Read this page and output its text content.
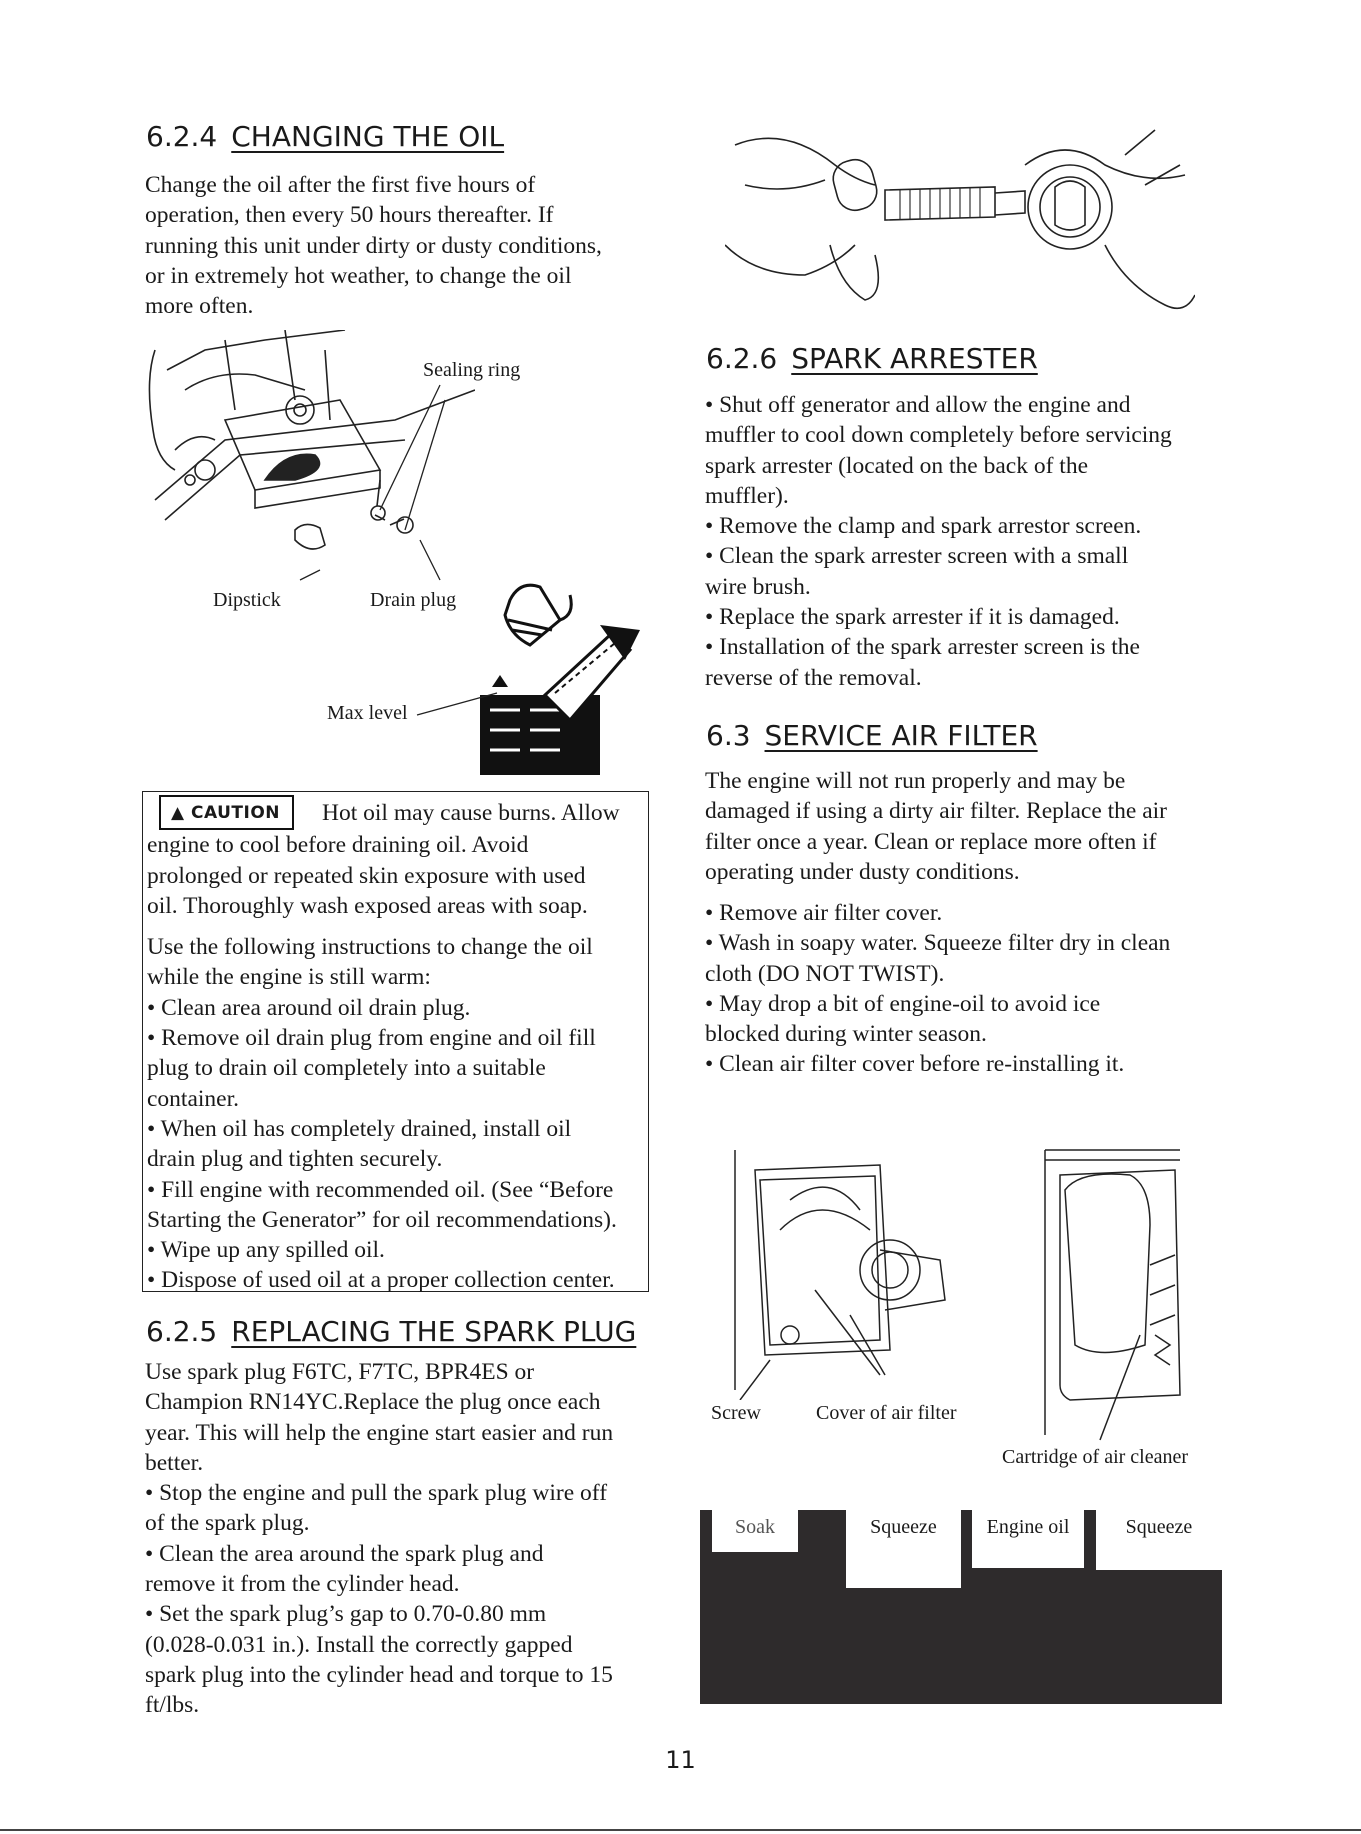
6.2.4 CHANGING THE OIL

Change the oil after the first five hours of

operation, then every 50 hours thereafter. If

running this unit under dirty or dusty conditions,

or in extremely hot weather, to change the oil

more often.

Sealing ring
Dipstick	Drain plug
Max level

▲ CAUTION Hot oil may cause burns. Allow

engine to cool before draining oil. Avoid

prolonged or repeated skin exposure with used

oil. Thoroughly wash exposed areas with soap.

Use the following instructions to change the oil

while the engine is still warm:

• Clean area around oil drain plug.

• Remove oil drain plug from engine and oil fill

plug to drain oil completely into a suitable

container.

• When oil has completely drained, install oil

drain plug and tighten securely.

• Fill engine with recommended oil. (See “Before

Starting the Generator” for oil recommendations).

• Wipe up any spilled oil.

• Dispose of used oil at a proper collection center.

6.2.5 REPLACING THE SPARK PLUG

Use spark plug F6TC, F7TC, BPR4ES or

Champion RN14YC.Replace the plug once each

year. This will help the engine start easier and run

better.

• Stop the engine and pull the spark plug wire off

of the spark plug.

• Clean the area around the spark plug and

remove it from the cylinder head.

• Set the spark plug’s gap to 0.70-0.80 mm

(0.028-0.031 in.). Install the correctly gapped

spark plug into the cylinder head and torque to 15

ft/lbs.

6.2.6 SPARK ARRESTER

• Shut off generator and allow the engine and

muffler to cool down completely before servicing

spark arrester (located on the back of the

muffler).

• Remove the clamp and spark arrestor screen.

• Clean the spark arrester screen with a small

wire brush.

• Replace the spark arrester if it is damaged.

• Installation of the spark arrester screen is the

reverse of the removal.

6.3 SERVICE AIR FILTER

The engine will not run properly and may be

damaged if using a dirty air filter. Replace the air

filter once a year. Clean or replace more often if

operating under dusty conditions.

• Remove air filter cover.

• Wash in soapy water. Squeeze filter dry in clean

cloth (DO NOT TWIST).

• May drop a bit of engine-oil to avoid ice

blocked during winter season.

• Clean air filter cover before re-installing it.

Screw	Cover of air filter
Cartridge of air cleaner
Soak	Squeeze	Engine oil	Squeeze
11
